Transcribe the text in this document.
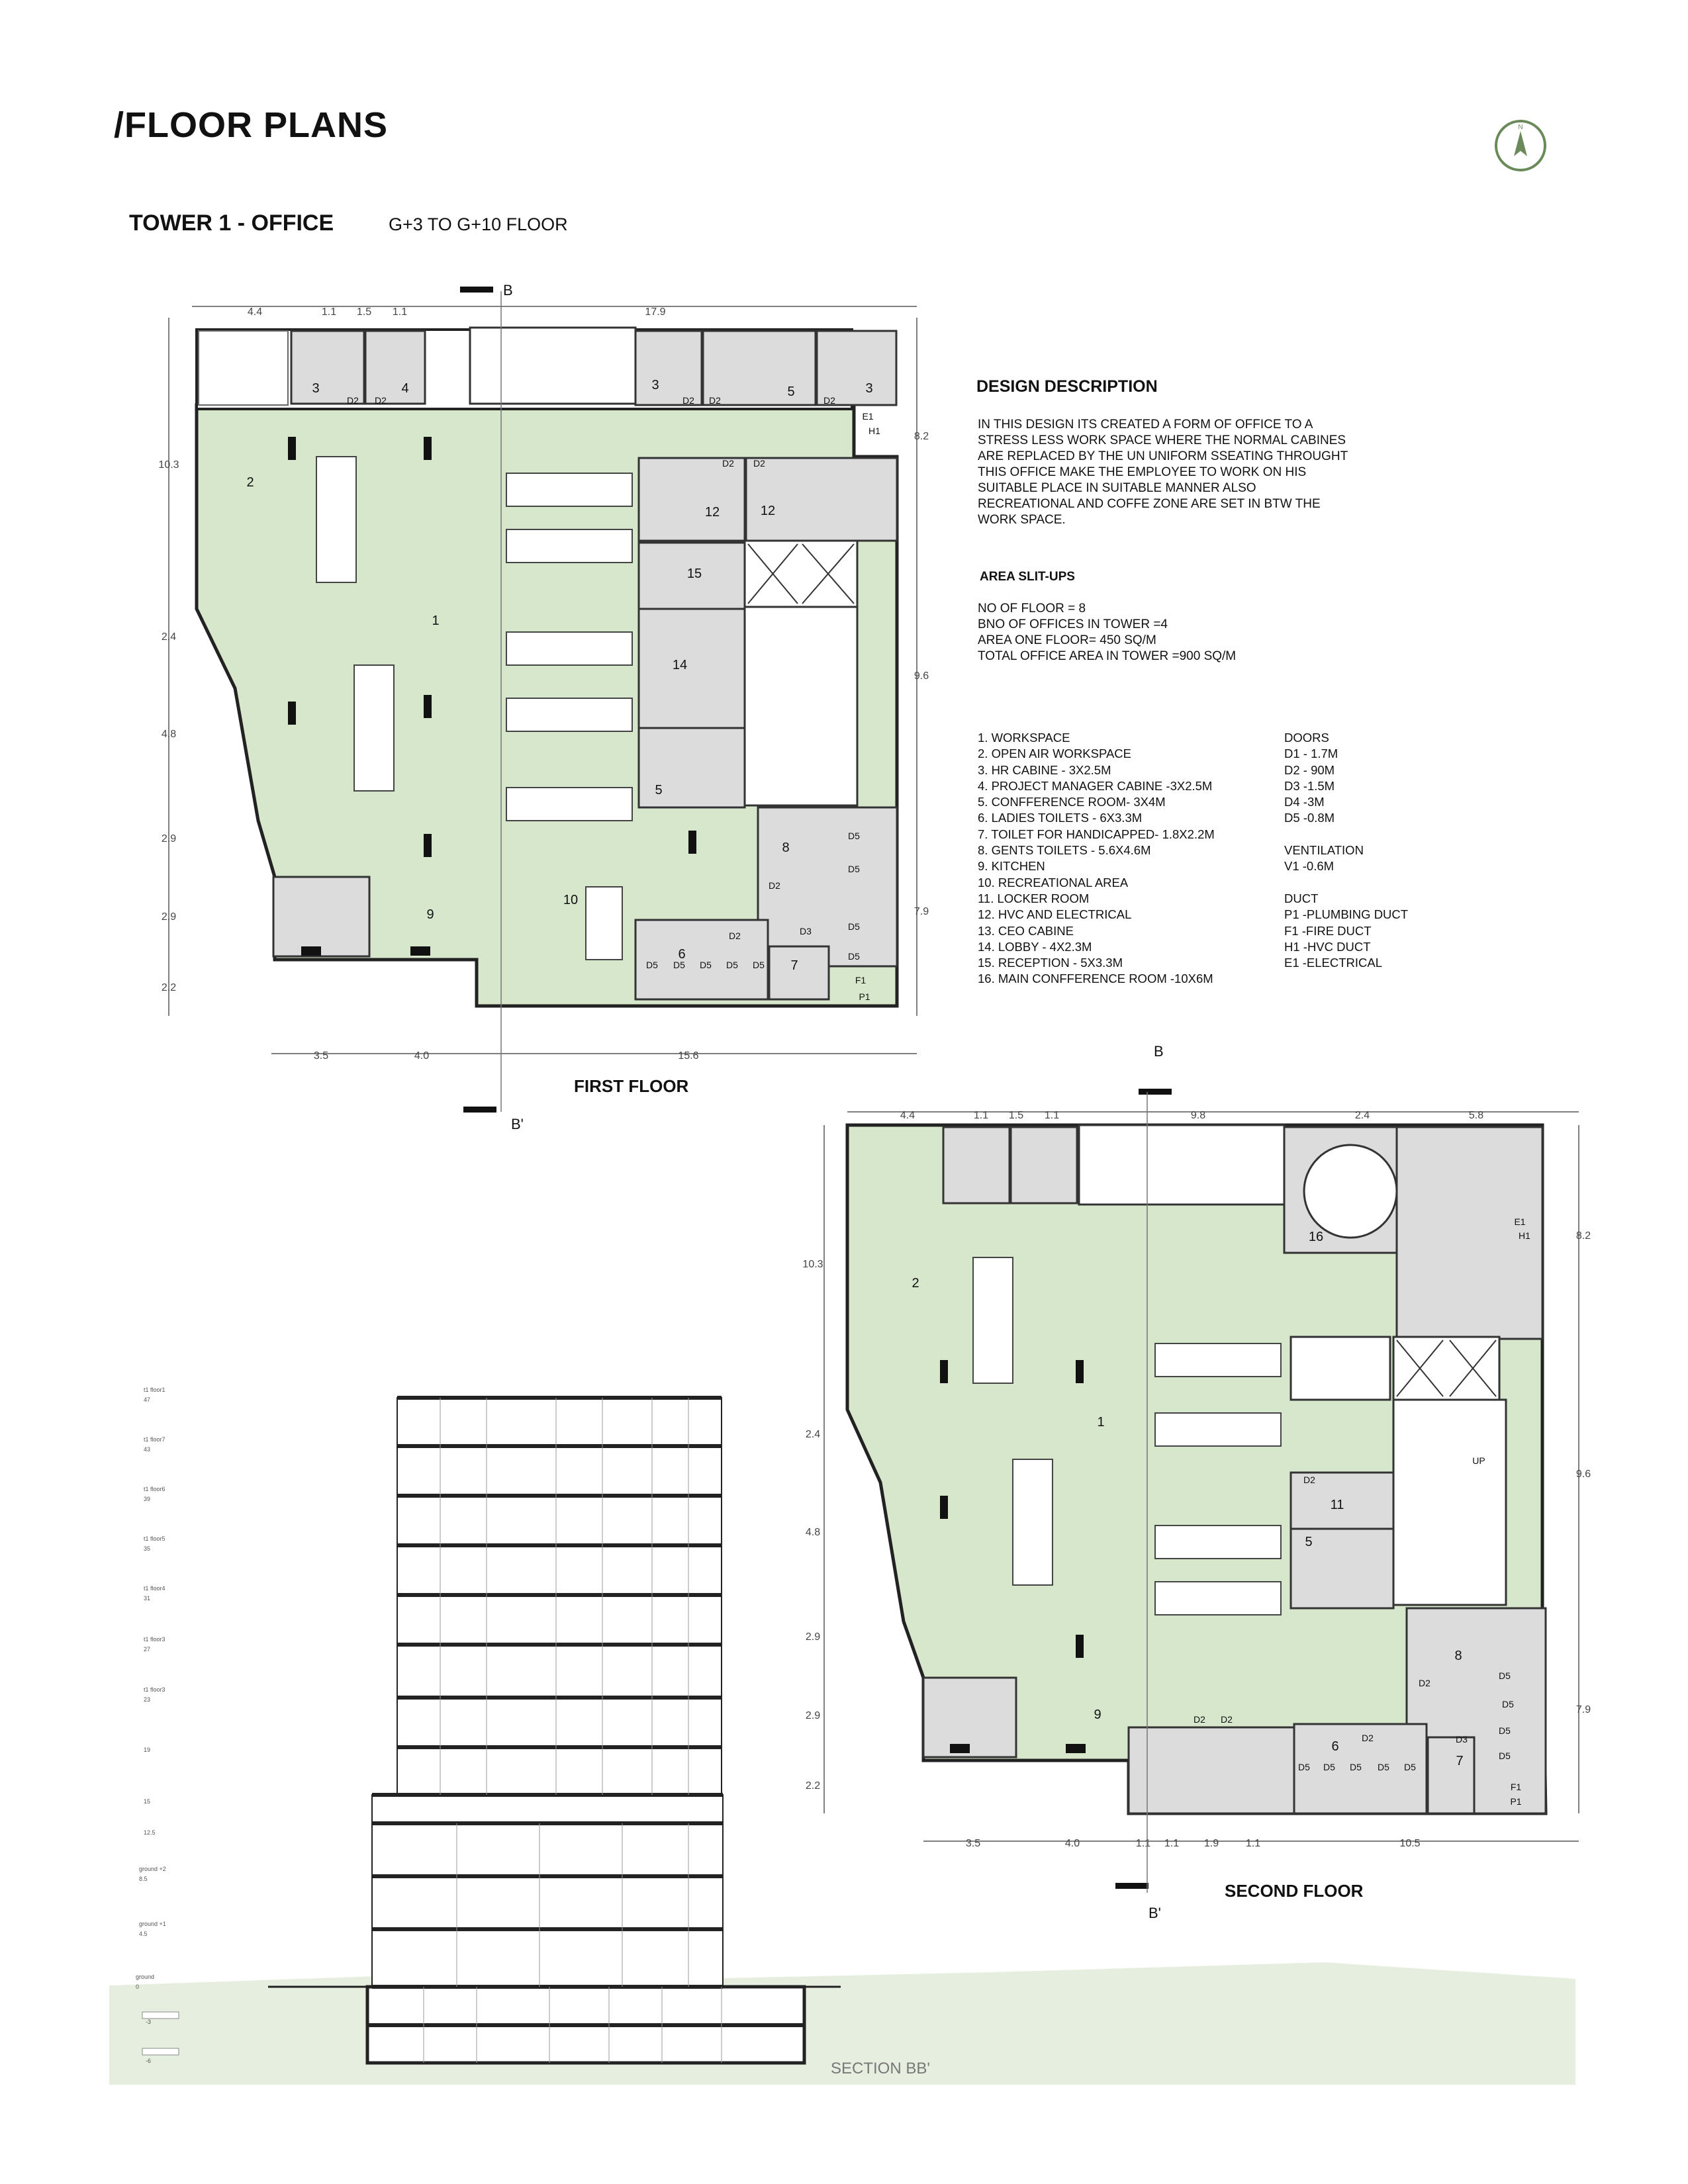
/FLOOR PLANS
TOWER 1 - OFFICE	G+3 TO G+10 FLOOR
N
DESIGN DESCRIPTION
IN THIS DESIGN ITS CREATED A FORM OF OFFICE TO A STRESS LESS WORK SPACE WHERE THE NORMAL CABINES ARE REPLACED BY THE UN UNIFORM SSEATING THROUGHT THIS OFFICE MAKE THE EMPLOYEE TO WORK ON HIS SUITABLE PLACE IN SUITABLE MANNER ALSO RECREATIONAL AND COFFE ZONE ARE SET IN BTW THE WORK SPACE.
AREA SLIT-UPS
NO OF FLOOR = 8
BNO OF OFFICES IN TOWER =4
AREA ONE FLOOR= 450 SQ/M
TOTAL OFFICE AREA IN TOWER =900 SQ/M
1. WORKSPACE
2. OPEN AIR WORKSPACE
3. HR CABINE - 3X2.5M
4. PROJECT MANAGER CABINE -3X2.5M
5. CONFFERENCE ROOM- 3X4M
6. LADIES TOILETS - 6X3.3M
7. TOILET FOR HANDICAPPED- 1.8X2.2M
8. GENTS TOILETS - 5.6X4.6M
9. KITCHEN
10. RECREATIONAL AREA
11. LOCKER ROOM
12. HVC AND ELECTRICAL
13. CEO CABINE
14. LOBBY - 4X2.3M
15. RECEPTION - 5X3.3M
16. MAIN CONFFERENCE ROOM -10X6M
DOORS
D1 - 1.7M
D2 - 90M
D3 -1.5M
D4 -3M
D5 -0.8M
VENTILATION
V1 -0.6M
DUCT
P1 -PLUMBING DUCT
F1 -FIRE DUCT
H1 -HVC DUCT
E1 -ELECTRICAL
4.4	1.1 1.5 1.1	17.9
10.3
2.4
4.8
2.9
2.9
2.2
8.2
9.6
7.9
3.5	4.0	15.6
B
B'
3	4	3	5	3
2
1
12	12
15
14
5
8
9
10
6
7
D2 D2	D2 D2	D2
D2 D2
D2
D2	D3
D5
D5
D5
D5
D5 D5 D5 D5 D5
E1
H1
F1
P1
FIRST FLOOR
4.4	1.1 1.5 1.1	9.8	2.4	5.8
10.3
2.4
4.8
2.9
2.9
2.2
8.2
9.6
7.9
3.5	4.0	1.1 1.1 1.9	1.1	10.5
B
B'
2
1
16
11
5
8
9
6
7
UP
D2
D2 D2
D2
D2
D3
D5
D5
D5
D5
D5 D5 D5 D5 D5
E1
H1
F1
P1
SECOND FLOOR
t1 floor1
47
t1 floor7
43
t1 floor6
39
t1 floor5
35
t1 floor4
31
t1 floor3
27
t1 floor3
23
19
15
12.5
ground +2
8.5
ground +1
4.5
ground
0
-3
-6	SECTION BB'
